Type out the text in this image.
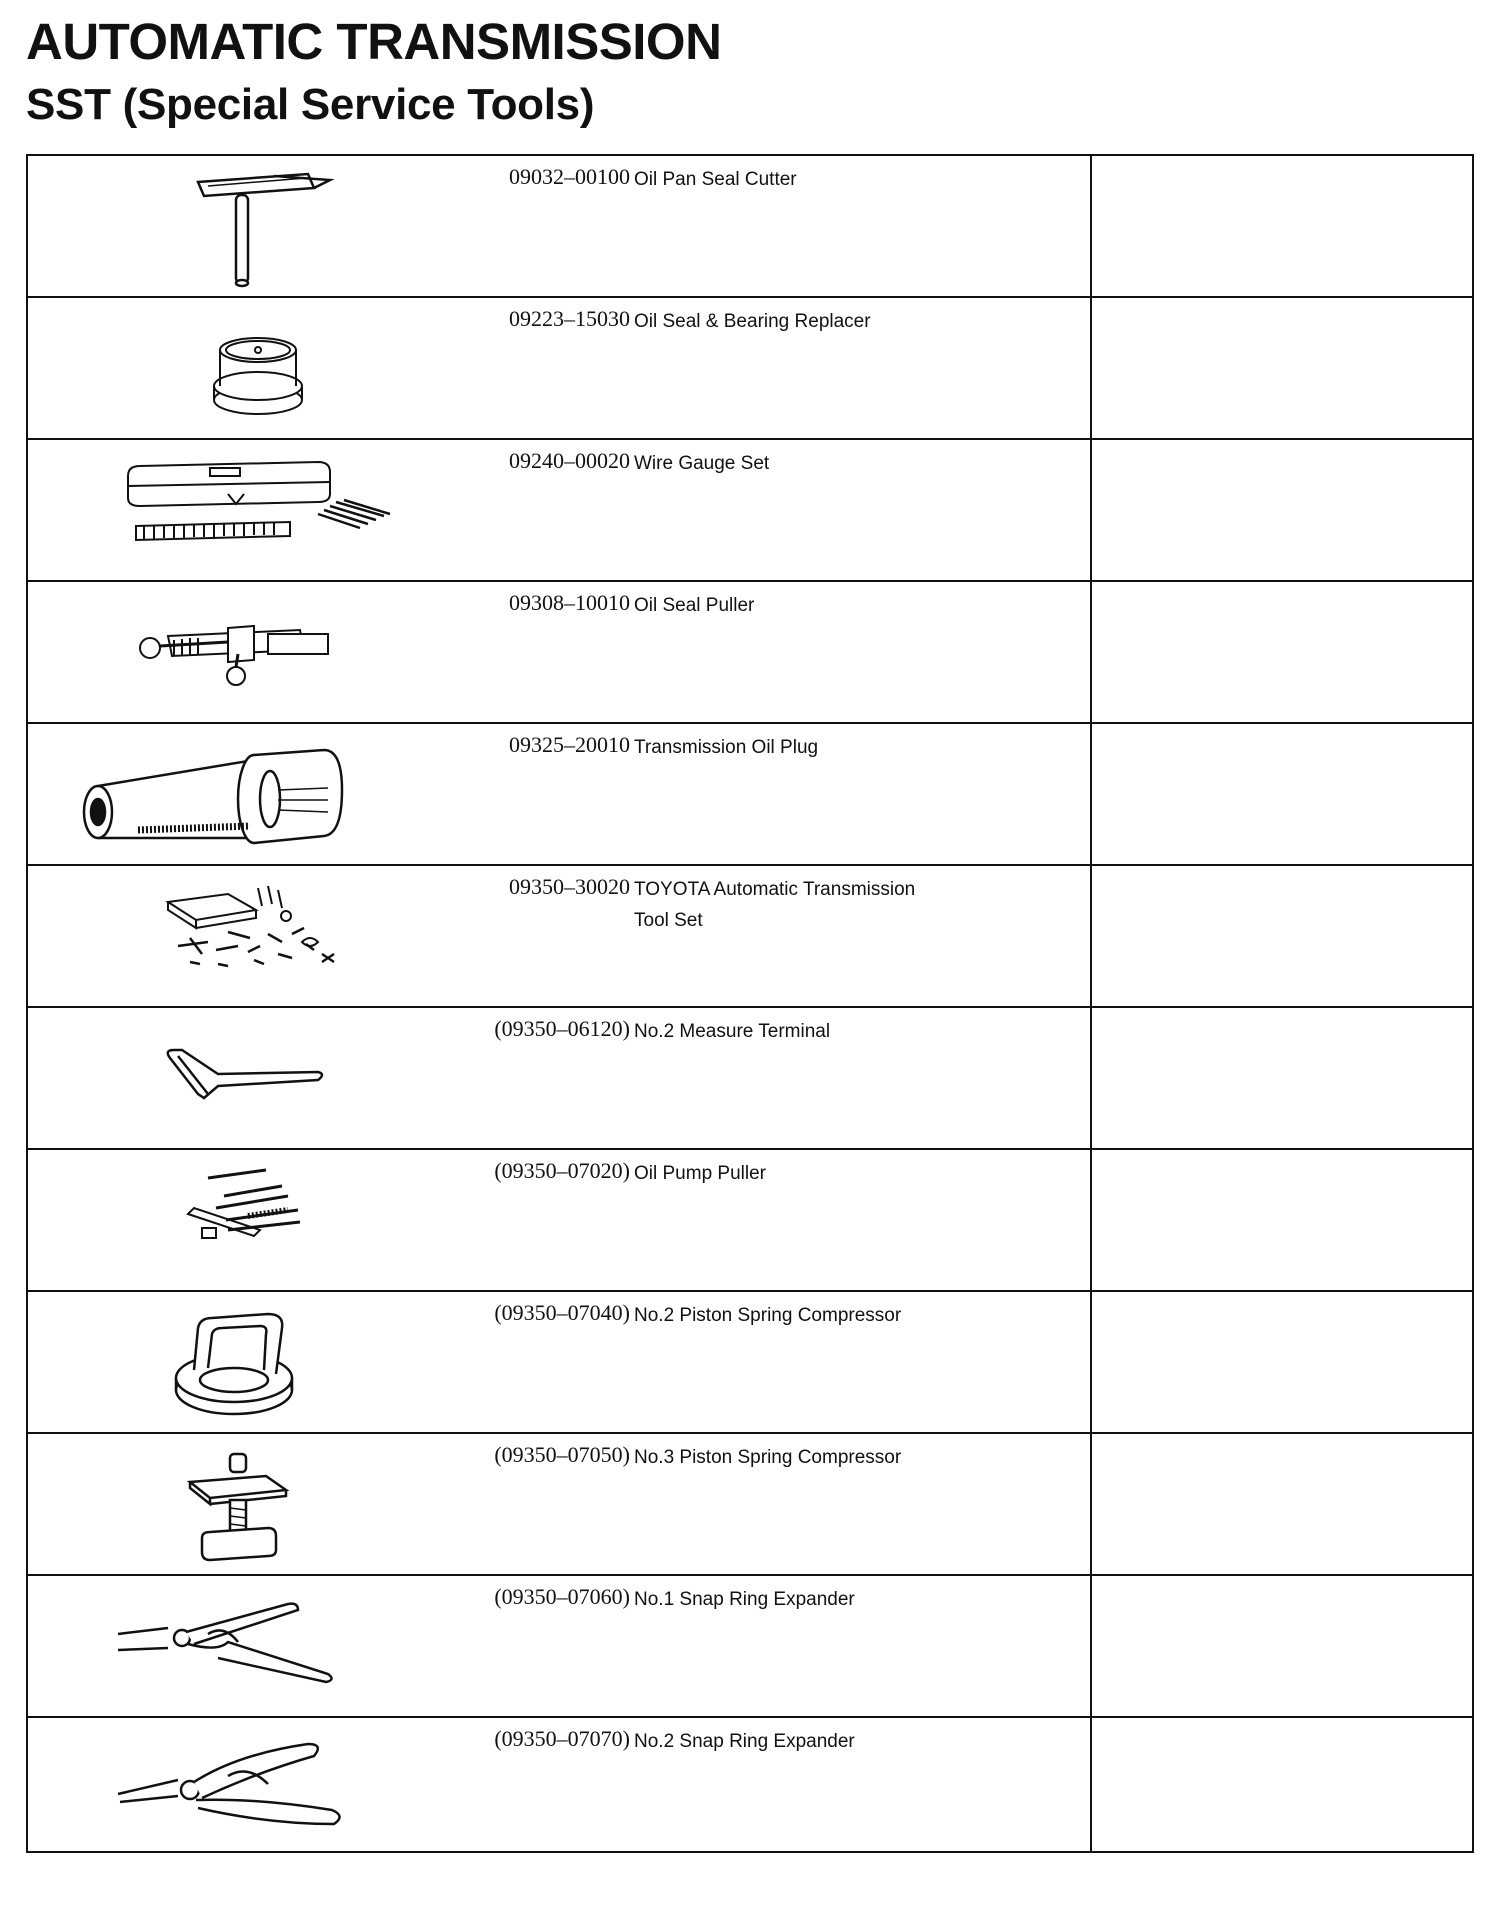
AUTOMATIC TRANSMISSION
SST (Special Service Tools)
09032–00100 Oil Pan Seal Cutter
09223–15030 Oil Seal & Bearing Replacer
09240–00020 Wire Gauge Set
09308–10010 Oil Seal Puller
09325–20010 Transmission Oil Plug
09350–30020 TOYOTA Automatic Transmission
Tool Set
(09350–06120) No.2 Measure Terminal
(09350–07020) Oil Pump Puller
(09350–07040) No.2 Piston Spring Compressor
(09350–07050) No.3 Piston Spring Compressor
(09350–07060) No.1 Snap Ring Expander
(09350–07070) No.2 Snap Ring Expander
